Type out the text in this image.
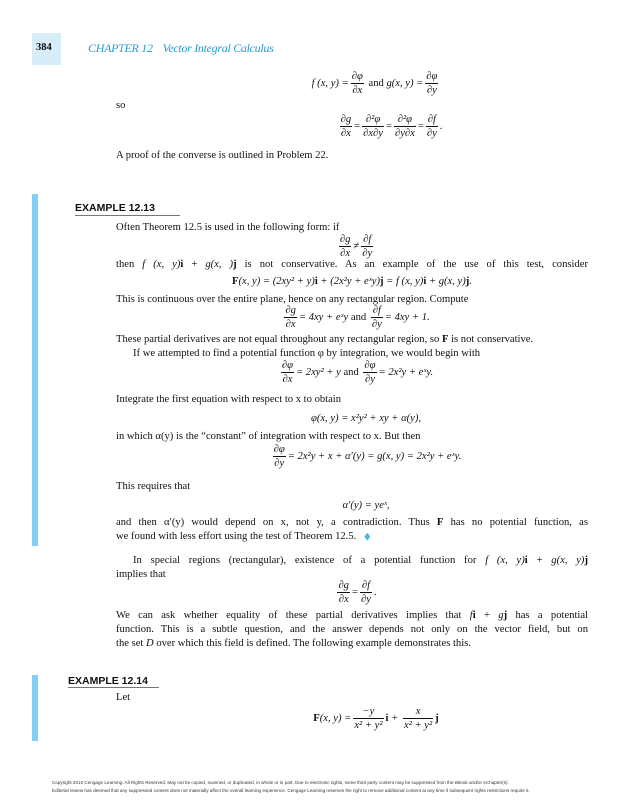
384	CHAPTER 12 Vector Integral Calculus
f (x, $y) = \frac{\partial\varphi}{\partial x}$ and g(x, $y) = \frac{\partial\varphi}{\partial y}$
so
$\frac{\partial g}{\partial x} = \frac{\text{∂²φ}}{\partial x\partial y} = \frac{\text{∂²φ}}{\partial y\partial x} = \frac{\partial f}{\partial y}$ .
A proof of the converse is outlined in Problem 22.
EXAMPLE 12.13
Often Theorem 12.5 is used in the following form: if
$\frac{\partial g}{\partial x} \ne \frac{\partial f}{\partial y}$
then f (x, y)i + g(x, )j is not conservative. As an example of the use of this test, consider
F(x, y) = (2xy² + y)i + (2x²y + eˣy)j = f (x, y)i + g(x, y)j.
This is continuous over the entire plane, hence on any rectangular region. Compute
$\frac{\partial g}{\partial x} = 4xy$ + eˣy and $\frac{\partial f}{\partial y} = 4xy + 1$.
These partial derivatives are not equal throughout any rectangular region, so F is not conservative.
If we attempted to find a potential function φ by integration, we would begin with
$\frac{\partial\varphi}{\partial x} = 2xy^2 + y$ and $\frac{\partial\varphi}{\partial y} = 2x^2y$ + eˣy.
Integrate the first equation with respect to x to obtain
φ(x, y) = x²y² + xy + α(y),
in which α(y) is the “constant” of integration with respect to x. But then
$\frac{\partial\varphi}{\partial y} = 2x^2y + x + \alpha'(y) = g(x$, y) = 2x²y + eˣy.
This requires that
α′(y) = yeˣ,
and then α′(y) would depend on x, not y, a contradiction. Thus F has no potential function, as
we found with less effort using the test of Theorem 12.5.
In special regions (rectangular), existence of a potential function for f (x, y)i + g(x, y)j
implies that
$\frac{\partial g}{\partial x} = \frac{\partial f}{\partial y}$ .
We can ask whether equality of these partial derivatives implies that fi + gj has a potential
function. This is a subtle question, and the answer depends not only on the vector field, but on
the set D over which this field is defined. The following example demonstrates this.
EXAMPLE 12.14
Let
F(x, $y) = \frac{-y}{\text{x² + y²}}$ $i + \frac{x}{\text{x² + y²}}$ j
Copyright 2010 Cengage Learning. All Rights Reserved. May not be copied, scanned, or duplicated, in whole or in part. Due to electronic rights, some third party content may be suppressed from the eBook and/or eChapter(s).
Editorial review has deemed that any suppressed content does not materially affect the overall learning experience. Cengage Learning reserves the right to remove additional content at any time if subsequent rights restrictions require it.
